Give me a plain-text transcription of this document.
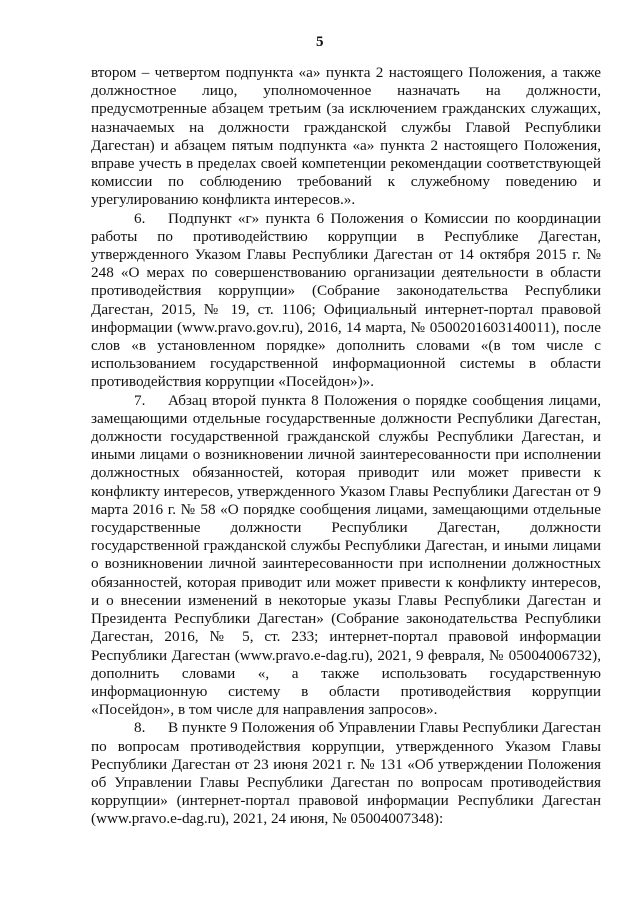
5

втором – четвертом подпункта «а» пункта 2 настоящего Положения, а также должностное лицо, уполномоченное назначать на должности, предусмотренные абзацем третьим (за исключением гражданских служащих, назначаемых на должности гражданской службы Главой Республики Дагестан) и абзацем пятым подпункта «а» пункта 2 настоящего Положения, вправе учесть в пределах своей компетенции рекомендации соответствующей комиссии по соблюдению требований к служебному поведению и урегулированию конфликта интересов.».

6. Подпункт «г» пункта 6 Положения о Комиссии по координации работы по противодействию коррупции в Республике Дагестан, утвержденного Указом Главы Республики Дагестан от 14 октября 2015 г. № 248 «О мерах по совершенствованию организации деятельности в области противодействия коррупции» (Собрание законодательства Республики Дагестан, 2015, № 19, ст. 1106; Официальный интернет-портал правовой информации (www.pravo.gov.ru), 2016, 14 марта, № 0500201603140011), после слов «в установленном порядке» дополнить словами «(в том числе с использованием государственной информационной системы в области противодействия коррупции «Посейдон»)».

7. Абзац второй пункта 8 Положения о порядке сообщения лицами, замещающими отдельные государственные должности Республики Дагестан, должности государственной гражданской службы Республики Дагестан, и иными лицами о возникновении личной заинтересованности при исполнении должностных обязанностей, которая приводит или может привести к конфликту интересов, утвержденного Указом Главы Республики Дагестан от 9 марта 2016 г. № 58 «О порядке сообщения лицами, замещающими отдельные государственные должности Республики Дагестан, должности государственной гражданской службы Республики Дагестан, и иными лицами о возникновении личной заинтересованности при исполнении должностных обязанностей, которая приводит или может привести к конфликту интересов, и о внесении изменений в некоторые указы Главы Республики Дагестан и Президента Республики Дагестан» (Собрание законодательства Республики Дагестан, 2016, № 5, ст. 233; интернет-портал правовой информации Республики Дагестан (www.pravo.e-dag.ru), 2021, 9 февраля, № 05004006732), дополнить словами «, а также использовать государственную информационную систему в области противодействия коррупции «Посейдон», в том числе для направления запросов».

8. В пункте 9 Положения об Управлении Главы Республики Дагестан по вопросам противодействия коррупции, утвержденного Указом Главы Республики Дагестан от 23 июня 2021 г. № 131 «Об утверждении Положения об Управлении Главы Республики Дагестан по вопросам противодействия коррупции» (интернет-портал правовой информации Республики Дагестан (www.pravo.e-dag.ru), 2021, 24 июня, № 05004007348):
